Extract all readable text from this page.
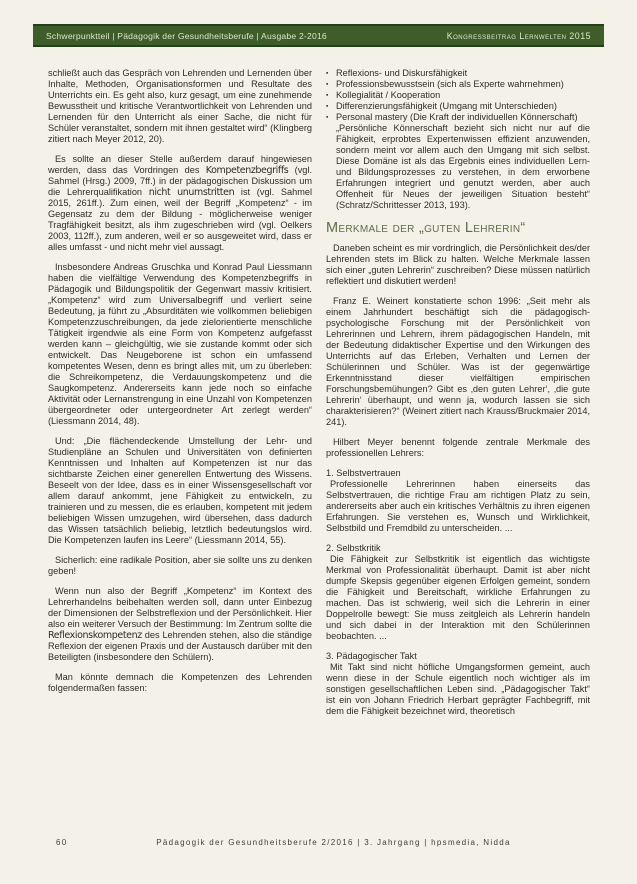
Schwerpunktteil | Pädagogik der Gesundheitsberufe | Ausgabe 2-2016	Kongressbeitrag Lernwelten 2015

schließt auch das Gespräch von Lehrenden und Lernenden über Inhalte, Methoden, Organisationsformen und Resultate des Unterrichts ein. Es geht also, kurz gesagt, um eine zunehmende Bewusstheit und kritische Verantwortlichkeit von Lehrenden und Lernenden für den Unterricht als einer Sache, die nicht für Schüler veranstaltet, sondern mit ihnen gestaltet wird“ (Klingberg zitiert nach Meyer 2012, 20).

Es sollte an dieser Stelle außerdem darauf hingewiesen werden, dass das Vordringen des Kompetenzbegriffs (vgl. Sahmel (Hrsg.) 2009, 7ff.) in der pädagogischen Diskussion um die Lehrerqualifikation nicht unumstritten ist (vgl. Sahmel 2015, 261ff.). Zum einen, weil der Begriff „Kompetenz“ - im Gegensatz zu dem der Bildung - möglicherweise weniger Tragfähigkeit besitzt, als ihm zugeschrieben wird (vgl. Oelkers 2003, 112ff.), zum anderen, weil er so ausgeweitet wird, dass er alles umfasst - und nicht mehr viel aussagt.

Insbesondere Andreas Gruschka und Konrad Paul Liessmann haben die vielfältige Verwendung des Kompetenzbegriffs in Pädagogik und Bildungspolitik der Gegenwart massiv kritisiert. „Kompetenz“ wird zum Universalbegriff und verliert seine Bedeutung, ja führt zu „Absurditäten wie vollkommen beliebigen Kompetenzzuschreibungen, da jede zielorientierte menschliche Tätigkeit irgendwie als eine Form von Kompetenz aufgefasst werden kann – gleichgültig, wie sie zustande kommt oder sich entwickelt. Das Neugeborene ist schon ein umfassend kompetentes Wesen, denn es bringt alles mit, um zu überleben: die Schreikompetenz, die Verdauungskompetenz und die Saugkompetenz. Andererseits kann jede noch so einfache Aktivität oder Lernanstrengung in eine Unzahl von Kompetenzen übergeordneter oder untergeordneter Art zerlegt werden“ (Liessmann 2014, 48).

Und: „Die flächendeckende Umstellung der Lehr- und Studienpläne an Schulen und Universitäten von definierten Kenntnissen und Inhalten auf Kompetenzen ist nur das sichtbarste Zeichen einer generellen Entwertung des Wissens. Beseelt von der Idee, dass es in einer Wissensgesellschaft vor allem darauf ankommt, jene Fähigkeit zu entwickeln, zu trainieren und zu messen, die es erlauben, kompetent mit jedem beliebigen Wissen umzugehen, wird übersehen, dass dadurch das Wissen tatsächlich beliebig, letztlich bedeutungslos wird. Die Kompetenzen laufen ins Leere“ (Liessmann 2014, 55).

Sicherlich: eine radikale Position, aber sie sollte uns zu denken geben!

Wenn nun also der Begriff „Kompetenz“ im Kontext des Lehrerhandelns beibehalten werden soll, dann unter Einbezug der Dimensionen der Selbstreflexion und der Persönlichkeit. Hier also ein weiterer Versuch der Bestimmung: Im Zentrum sollte die Reflexionskompetenz des Lehrenden stehen, also die ständige Reflexion der eigenen Praxis und der Austausch darüber mit den Beteiligten (insbesondere den Schülern).

Man könnte demnach die Kompetenzen des Lehrenden folgendermaßen fassen:

▪ Reflexions- und Diskursfähigkeit
▪ Professionsbewusstsein (sich als Experte wahrnehmen)
▪ Kollegialität / Kooperation
▪ Differenzierungsfähigkeit (Umgang mit Unterschieden)
▪ Personal mastery (Die Kraft der individuellen Könnerschaft)

„Persönliche Könnerschaft bezieht sich nicht nur auf die Fähigkeit, erprobtes Expertenwissen effizient anzuwenden, sondern meint vor allem auch den Umgang mit sich selbst. Diese Domäne ist als das Ergebnis eines individuellen Lern- und Bildungsprozesses zu verstehen, in dem erworbene Erfahrungen integriert und genutzt werden, aber auch Offenheit für Neues der jeweiligen Situation besteht“ (Schratz/Schrittesser 2013, 193).

Merkmale der „guten Lehrerin“

Daneben scheint es mir vordringlich, die Persönlichkeit des/der Lehrenden stets im Blick zu halten. Welche Merkmale lassen sich einer „guten Lehrerin“ zuschreiben? Diese müssen natürlich reflektiert und diskutiert werden!

Franz E. Weinert konstatierte schon 1996: „Seit mehr als einem Jahrhundert beschäftigt sich die pädagogisch-psychologische Forschung mit der Persönlichkeit von Lehrerinnen und Lehrern, ihrem pädagogischen Handeln, mit der Bedeutung didaktischer Expertise und den Wirkungen des Unterrichts auf das Erleben, Verhalten und Lernen der Schülerinnen und Schüler. Was ist der gegenwärtige Erkenntnisstand dieser vielfältigen empirischen Forschungsbemühungen? Gibt es ‚den guten Lehrer‘, ‚die gute Lehrerin‘ überhaupt, und wenn ja, wodurch lassen sie sich charakterisieren?“ (Weinert zitiert nach Krauss/Bruckmaier 2014, 241).

Hilbert Meyer benennt folgende zentrale Merkmale des professionellen Lehrers:

1. Selbstvertrauen

Professionelle Lehrerinnen haben einerseits das Selbstvertrauen, die richtige Frau am richtigen Platz zu sein, andererseits aber auch ein kritisches Verhältnis zu ihren eigenen Erfahrungen. Sie verstehen es, Wunsch und Wirklichkeit, Selbstbild und Fremdbild zu unterscheiden. ...

2. Selbstkritik

Die Fähigkeit zur Selbstkritik ist eigentlich das wichtigste Merkmal von Professionalität überhaupt. Damit ist aber nicht dumpfe Skepsis gegenüber eigenen Erfolgen gemeint, sondern die Fähigkeit und Bereitschaft, wirkliche Erfahrungen zu machen. Das ist schwierig, weil sich die Lehrerin in einer Doppelrolle bewegt: Sie muss zeitgleich als Lehrerin handeln und sich dabei in der Interaktion mit den Schülerinnen beobachten. ...

3. Pädagogischer Takt

Mit Takt sind nicht höfliche Umgangsformen gemeint, auch wenn diese in der Schule eigentlich noch wichtiger als im sonstigen gesellschaftlichen Leben sind. „Pädagogischer Takt“ ist ein von Johann Friedrich Herbart geprägter Fachbegriff, mit dem die Fähigkeit bezeichnet wird, theoretisch

60	Pädagogik der Gesundheitsberufe 2/2016 | 3. Jahrgang | hpsmedia, Nidda
